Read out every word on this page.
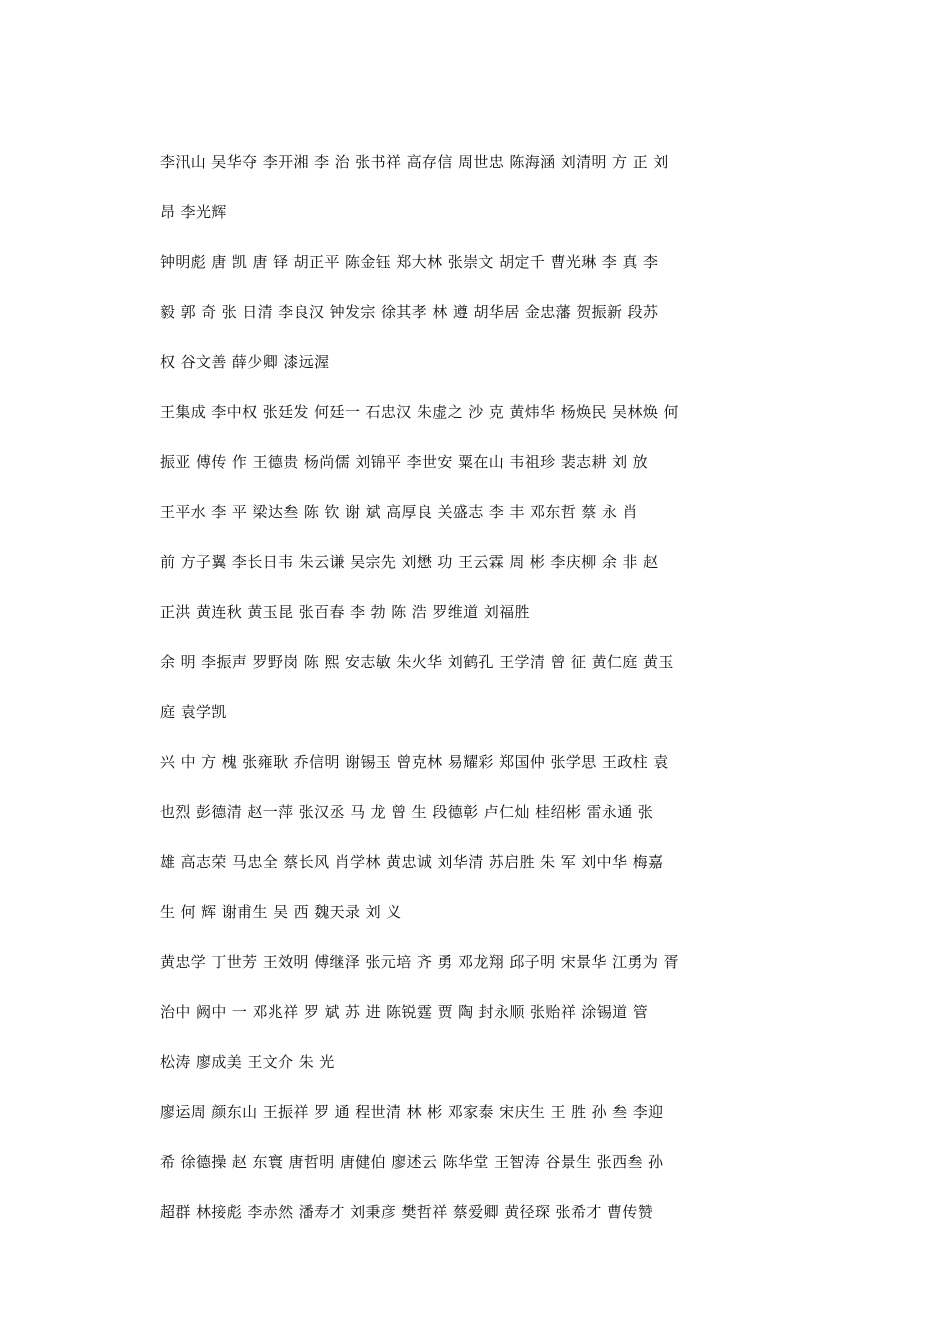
李汛山 吴华夺 李开湘 李 治 张书祥 高存信 周世忠 陈海涵 刘清明 方 正 刘
昂 李光辉
钟明彪 唐 凯 唐 铎 胡正平 陈金钰 郑大林 张崇文 胡定千 曹光琳 李 真 李
毅 郭 奇 张 日清 李良汉 钟发宗 徐其孝 林 遵 胡华居 金忠藩 贺振新 段苏
权 谷文善 薛少卿 漆远渥
王集成 李中权 张廷发 何廷一 石忠汉 朱虚之 沙 克 黄炜华 杨焕民 吴林焕 何
振亚 傅传 作 王德贵 杨尚儒 刘锦平 李世安 粟在山 韦祖珍 裴志耕 刘 放
王平水 李 平 梁达叁 陈 钦 谢 斌 高厚良 关盛志 李 丰 邓东哲 蔡 永 肖
前 方子翼 李长日韦 朱云谦 吴宗先 刘懋 功 王云霖 周 彬 李庆柳 余 非 赵
正洪 黄连秋 黄玉昆 张百春 李 勃 陈 浩 罗维道 刘福胜
余 明 李振声 罗野岗 陈 熙 安志敏 朱火华 刘鹤孔 王学清 曾 征 黄仁庭 黄玉
庭 袁学凯
兴 中 方 槐 张雍耿 乔信明 谢锡玉 曾克林 易耀彩 郑国仲 张学思 王政柱 袁
也烈 彭德清 赵一萍 张汉丞 马 龙 曾 生 段德彰 卢仁灿 桂绍彬 雷永通 张
雄 高志荣 马忠全 蔡长风 肖学林 黄忠诚 刘华清 苏启胜 朱 军 刘中华 梅嘉
生 何 辉 谢甫生 吴 西 魏天录 刘 义
黄忠学 丁世芳 王效明 傅继泽 张元培 齐 勇 邓龙翔 邱子明 宋景华 江勇为 胥
治中 阙中 一 邓兆祥 罗 斌 苏 进 陈锐霆 贾 陶 封永顺 张贻祥 涂锡道 管
松涛 廖成美 王文介 朱 光
廖运周 颜东山 王振祥 罗 通 程世清 林 彬 邓家泰 宋庆生 王 胜 孙 叁 李迎
希 徐德操 赵 东寰 唐哲明 唐健伯 廖述云 陈华堂 王智涛 谷景生 张西叁 孙
超群 林接彪 李赤然 潘寿才 刘秉彦 樊哲祥 蔡爱卿 黄径琛 张希才 曹传赞
